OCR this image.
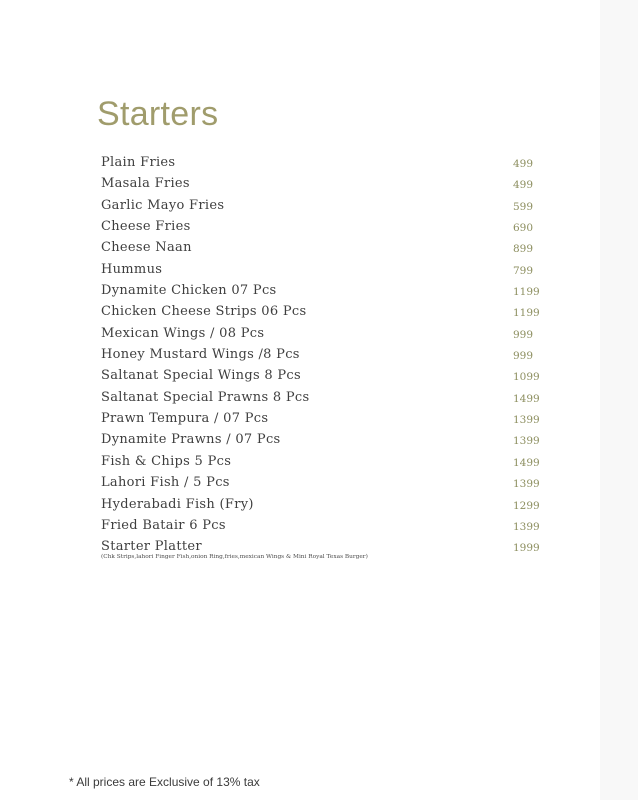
Starters
Plain Fries	499
Masala Fries	499
Garlic Mayo Fries	599
Cheese Fries	690
Cheese Naan	899
Hummus	799
Dynamite Chicken 07 Pcs	1199
Chicken Cheese Strips 06 Pcs	1199
Mexican Wings / 08 Pcs	999
Honey Mustard Wings /8 Pcs	999
Saltanat Special Wings 8 Pcs	1099
Saltanat Special Prawns 8 Pcs	1499
Prawn Tempura / 07 Pcs	1399
Dynamite Prawns / 07 Pcs	1399
Fish & Chips 5 Pcs	1499
Lahori Fish / 5 Pcs	1399
Hyderabadi Fish (Fry)	1299
Fried Batair 6 Pcs	1399
Starter Platter	1999
(Chk Strips,lahori Finger Fish,onion Ring,fries,mexican Wings & Mini Royal Texas Burger)
* All prices are Exclusive of 13% tax
